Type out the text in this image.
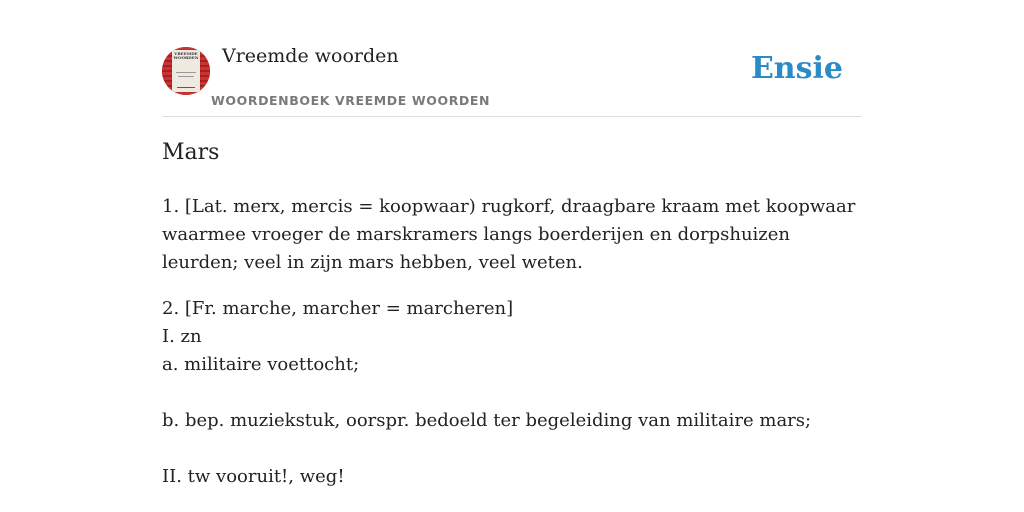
VREEMDE WOORDEN Vreemde woorden
WOORDENBOEK VREEMDE WOORDEN
Ensie
Mars

1. [Lat. merx, mercis = koopwaar) rugkorf, draagbare kraam met koopwaar waarmee vroeger de marskramers langs boerderijen en dorpshuizen leurden; veel in zijn mars hebben, veel weten.

2. [Fr. marche, marcher = marcheren]
I. zn
a. militaire voettocht;
b. bep. muziekstuk, oorspr. bedoeld ter begeleiding van militaire mars;
II. tw vooruit!, weg!
